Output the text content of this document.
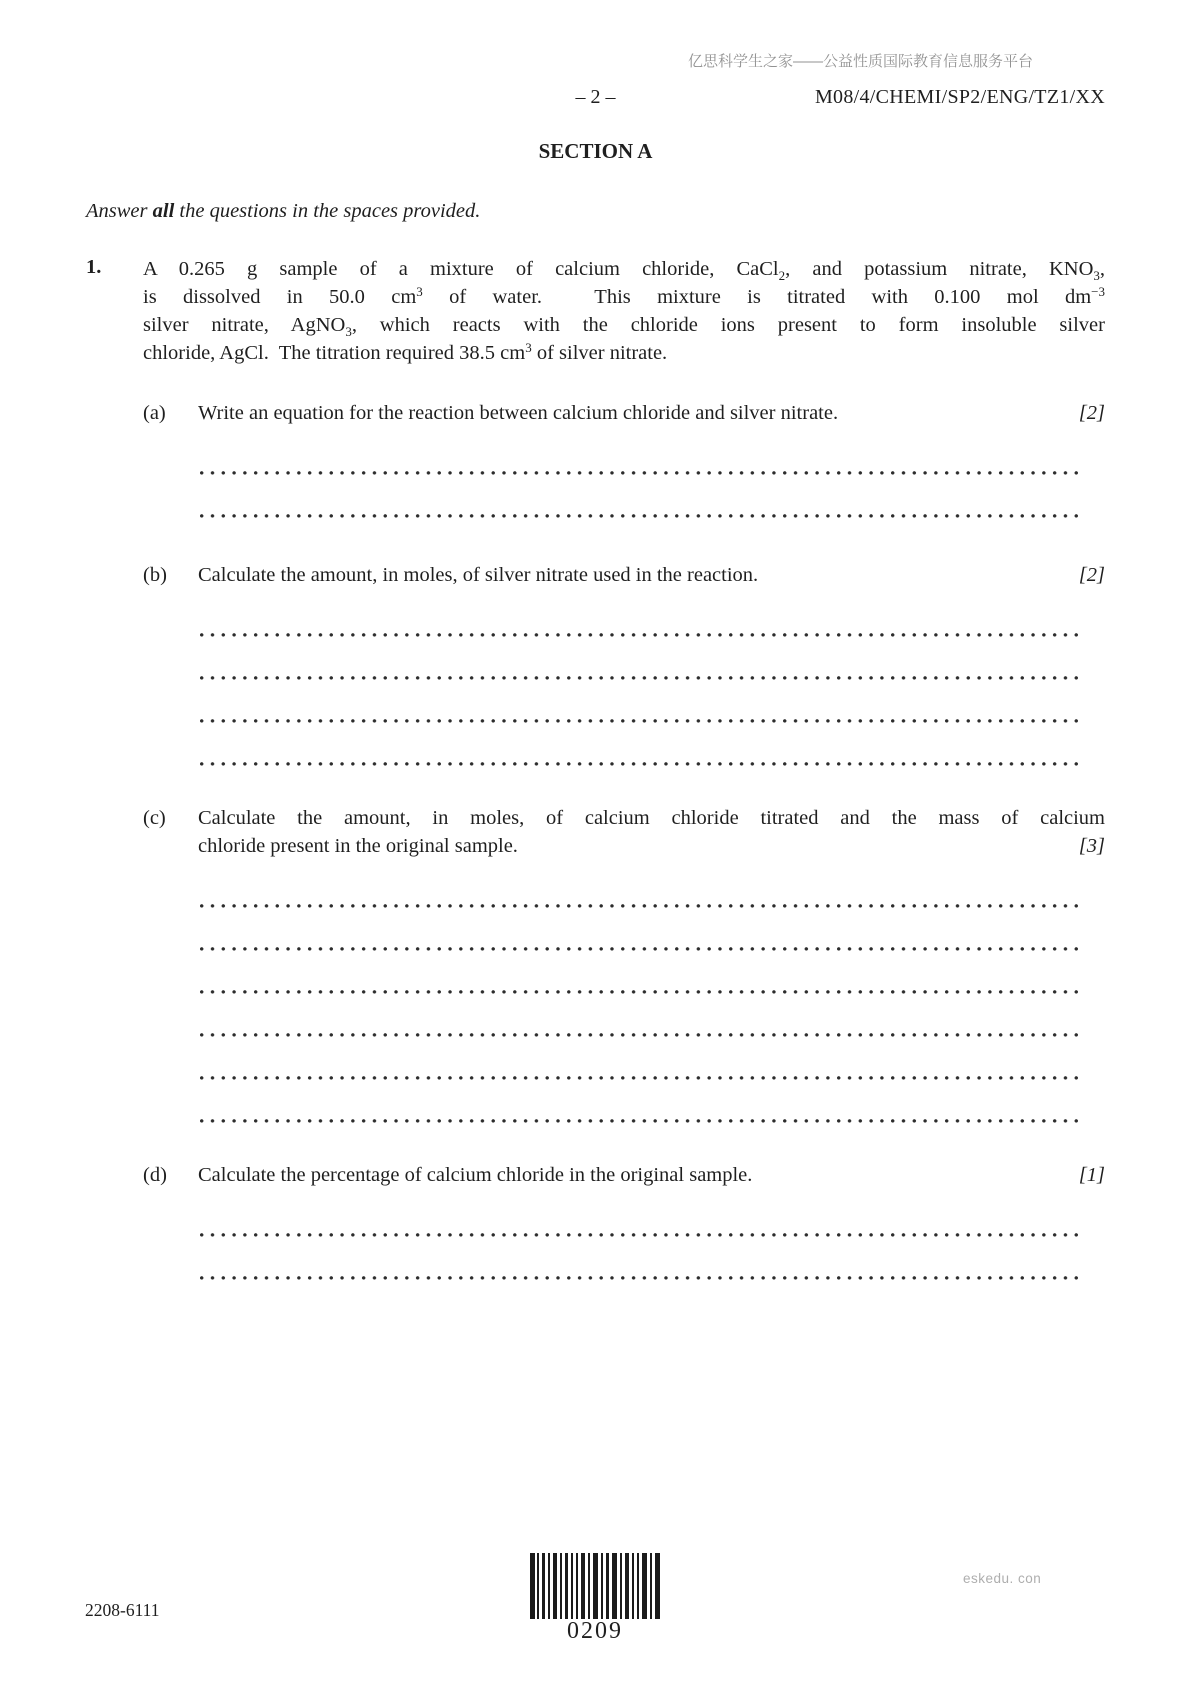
亿思科学生之家——公益性质国际教育信息服务平台
– 2 –	M08/4/CHEMI/SP2/ENG/TZ1/XX
SECTION A
Answer all the questions in the spaces provided.
1. A 0.265 g sample of a mixture of calcium chloride, CaCl$_2$, and potassium nitrate, $KNO_3$,
is dissolved in 50.0 $cm^3$ of water.  This mixture is titrated with 0.100 mol $dm^{-3}$
silver nitrate, AgNO$_3$, which reacts with the chloride ions present to form insoluble silver
chloride, AgCl.  The titration required 38.5 $cm^3$ of silver nitrate.
(a) Write an equation for the reaction between calcium chloride and silver nitrate.	[2]
(b) Calculate the amount, in moles, of silver nitrate used in the reaction.	[2]
(c) Calculate the amount, in moles, of calcium chloride titrated and the mass of calcium
chloride present in the original sample.	[3]
(d) Calculate the percentage of calcium chloride in the original sample.	[1]
2208-6111
0209
eskedu. con
